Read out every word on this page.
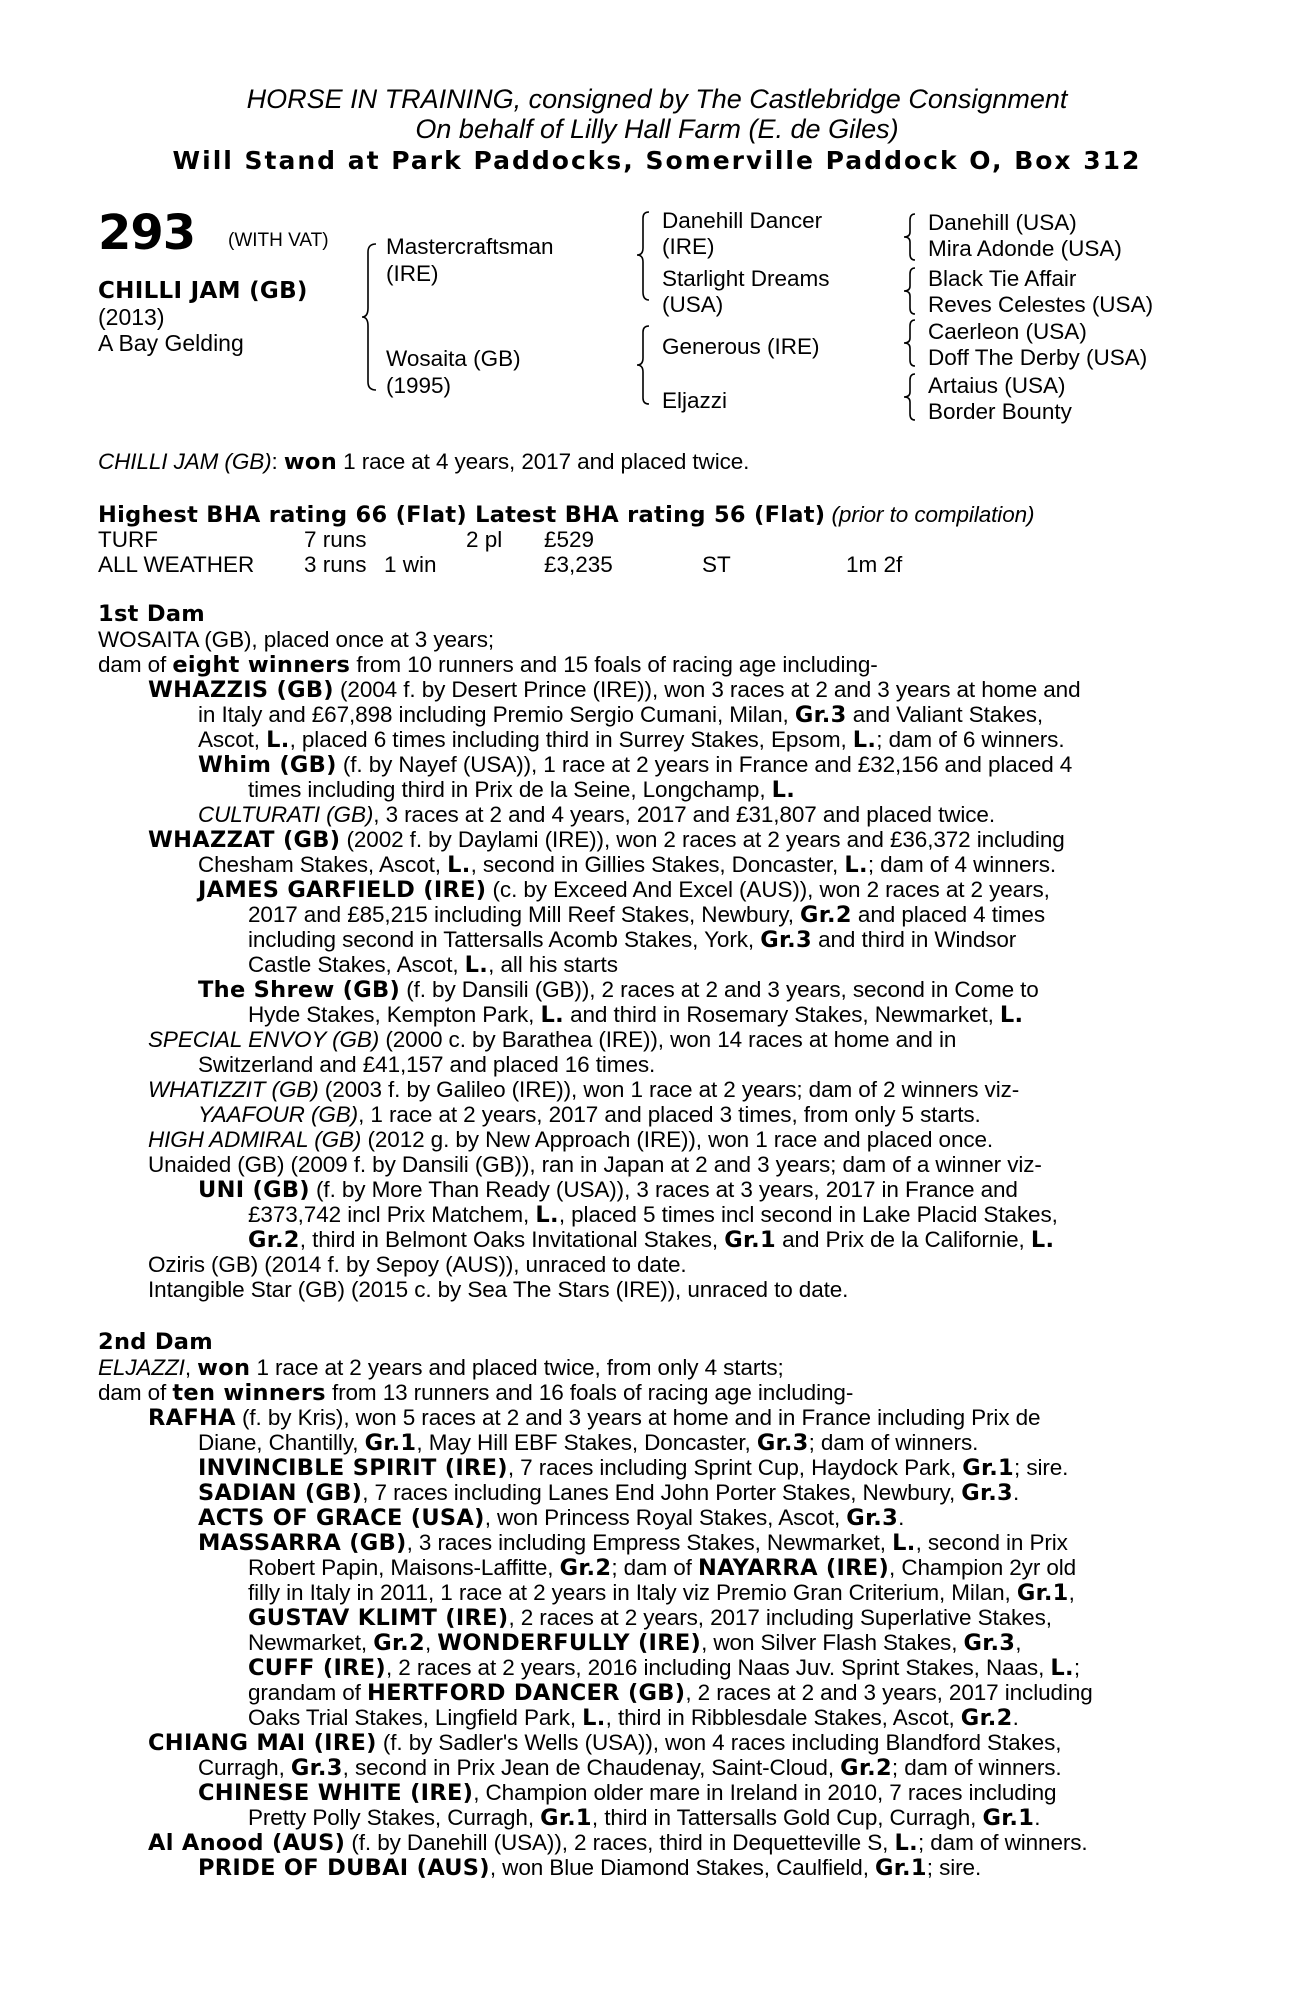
HORSE IN TRAINING, consigned by The Castlebridge Consignment
On behalf of Lilly Hall Farm (E. de Giles)
Will Stand at Park Paddocks, Somerville Paddock O, Box 312
293 (WITH VAT)
CHILLI JAM (GB)
(2013)
A Bay Gelding
Mastercraftsman
(IRE)
Wosaita (GB)
(1995)
Danehill Dancer
(IRE)
Starlight Dreams
(USA)
Generous (IRE)
Eljazzi
Danehill (USA)
Mira Adonde (USA)
Black Tie Affair
Reves Celestes (USA)
Caerleon (USA)
Doff The Derby (USA)
Artaius (USA)
Border Bounty
CHILLI JAM (GB): won 1 race at 4 years, 2017 and placed twice.
Highest BHA rating 66 (Flat) Latest BHA rating 56 (Flat) (prior to compilation)
TURF	7 runs	2 pl £529
ALL WEATHER 3 runs 1 win	£3,235	ST	1m 2f
1st Dam
WOSAITA (GB), placed once at 3 years;
dam of eight winners from 10 runners and 15 foals of racing age including-
WHAZZIS (GB) (2004 f. by Desert Prince (IRE)), won 3 races at 2 and 3 years at home and
in Italy and £67,898 including Premio Sergio Cumani, Milan, Gr.3 and Valiant Stakes,
Ascot, L., placed 6 times including third in Surrey Stakes, Epsom, L.; dam of 6 winners.
Whim (GB) (f. by Nayef (USA)), 1 race at 2 years in France and £32,156 and placed 4
times including third in Prix de la Seine, Longchamp, L.
CULTURATI (GB), 3 races at 2 and 4 years, 2017 and £31,807 and placed twice.
WHAZZAT (GB) (2002 f. by Daylami (IRE)), won 2 races at 2 years and £36,372 including
Chesham Stakes, Ascot, L., second in Gillies Stakes, Doncaster, L.; dam of 4 winners.
JAMES GARFIELD (IRE) (c. by Exceed And Excel (AUS)), won 2 races at 2 years,
2017 and £85,215 including Mill Reef Stakes, Newbury, Gr.2 and placed 4 times
including second in Tattersalls Acomb Stakes, York, Gr.3 and third in Windsor
Castle Stakes, Ascot, L., all his starts
The Shrew (GB) (f. by Dansili (GB)), 2 races at 2 and 3 years, second in Come to
Hyde Stakes, Kempton Park, L. and third in Rosemary Stakes, Newmarket, L.
SPECIAL ENVOY (GB) (2000 c. by Barathea (IRE)), won 14 races at home and in
Switzerland and £41,157 and placed 16 times.
WHATIZZIT (GB) (2003 f. by Galileo (IRE)), won 1 race at 2 years; dam of 2 winners viz-
YAAFOUR (GB), 1 race at 2 years, 2017 and placed 3 times, from only 5 starts.
HIGH ADMIRAL (GB) (2012 g. by New Approach (IRE)), won 1 race and placed once.
Unaided (GB) (2009 f. by Dansili (GB)), ran in Japan at 2 and 3 years; dam of a winner viz-
UNI (GB) (f. by More Than Ready (USA)), 3 races at 3 years, 2017 in France and
£373,742 incl Prix Matchem, L., placed 5 times incl second in Lake Placid Stakes,
Gr.2, third in Belmont Oaks Invitational Stakes, Gr.1 and Prix de la Californie, L.
Oziris (GB) (2014 f. by Sepoy (AUS)), unraced to date.
Intangible Star (GB) (2015 c. by Sea The Stars (IRE)), unraced to date.
2nd Dam
ELJAZZI, won 1 race at 2 years and placed twice, from only 4 starts;
dam of ten winners from 13 runners and 16 foals of racing age including-
RAFHA (f. by Kris), won 5 races at 2 and 3 years at home and in France including Prix de
Diane, Chantilly, Gr.1, May Hill EBF Stakes, Doncaster, Gr.3; dam of winners.
INVINCIBLE SPIRIT (IRE), 7 races including Sprint Cup, Haydock Park, Gr.1; sire.
SADIAN (GB), 7 races including Lanes End John Porter Stakes, Newbury, Gr.3.
ACTS OF GRACE (USA), won Princess Royal Stakes, Ascot, Gr.3.
MASSARRA (GB), 3 races including Empress Stakes, Newmarket, L., second in Prix
Robert Papin, Maisons-Laffitte, Gr.2; dam of NAYARRA (IRE), Champion 2yr old
filly in Italy in 2011, 1 race at 2 years in Italy viz Premio Gran Criterium, Milan, Gr.1,
GUSTAV KLIMT (IRE), 2 races at 2 years, 2017 including Superlative Stakes,
Newmarket, Gr.2, WONDERFULLY (IRE), won Silver Flash Stakes, Gr.3,
CUFF (IRE), 2 races at 2 years, 2016 including Naas Juv. Sprint Stakes, Naas, L.;
grandam of HERTFORD DANCER (GB), 2 races at 2 and 3 years, 2017 including
Oaks Trial Stakes, Lingfield Park, L., third in Ribblesdale Stakes, Ascot, Gr.2.
CHIANG MAI (IRE) (f. by Sadler's Wells (USA)), won 4 races including Blandford Stakes,
Curragh, Gr.3, second in Prix Jean de Chaudenay, Saint-Cloud, Gr.2; dam of winners.
CHINESE WHITE (IRE), Champion older mare in Ireland in 2010, 7 races including
Pretty Polly Stakes, Curragh, Gr.1, third in Tattersalls Gold Cup, Curragh, Gr.1.
Al Anood (AUS) (f. by Danehill (USA)), 2 races, third in Dequetteville S, L.; dam of winners.
PRIDE OF DUBAI (AUS), won Blue Diamond Stakes, Caulfield, Gr.1; sire.
